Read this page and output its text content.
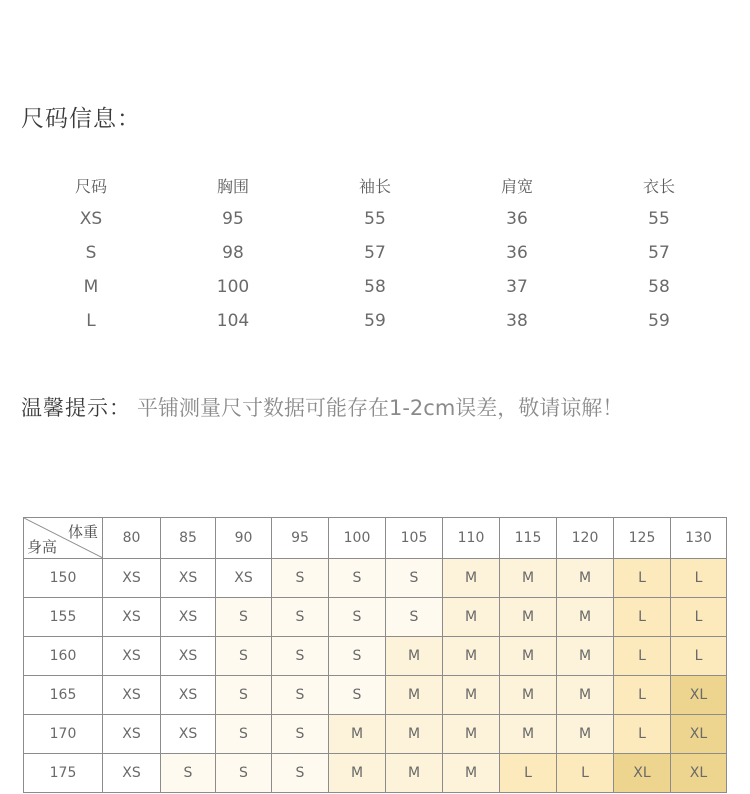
尺码信息：
尺码	胸围	袖长	肩宽	衣长
XS	95	55	36	55
S	98	57	36	57
M	100	58	37	58
L	104	59	38	59
温馨提示： 平铺测量尺寸数据可能存在1-2cm误差，敬请谅解！
体重
身高	80	85	90	95	100	105	110	115	120	125	130
150	XS	XS	XS	S	S	S	M	M	M	L	L
155	XS	XS	S	S	S	S	M	M	M	L	L
160	XS	XS	S	S	S	M	M	M	M	L	L
165	XS	XS	S	S	S	M	M	M	M	L	XL
170	XS	XS	S	S	M	M	M	M	M	L	XL
175	XS	S	S	S	M	M	M	L	L	XL	XL
